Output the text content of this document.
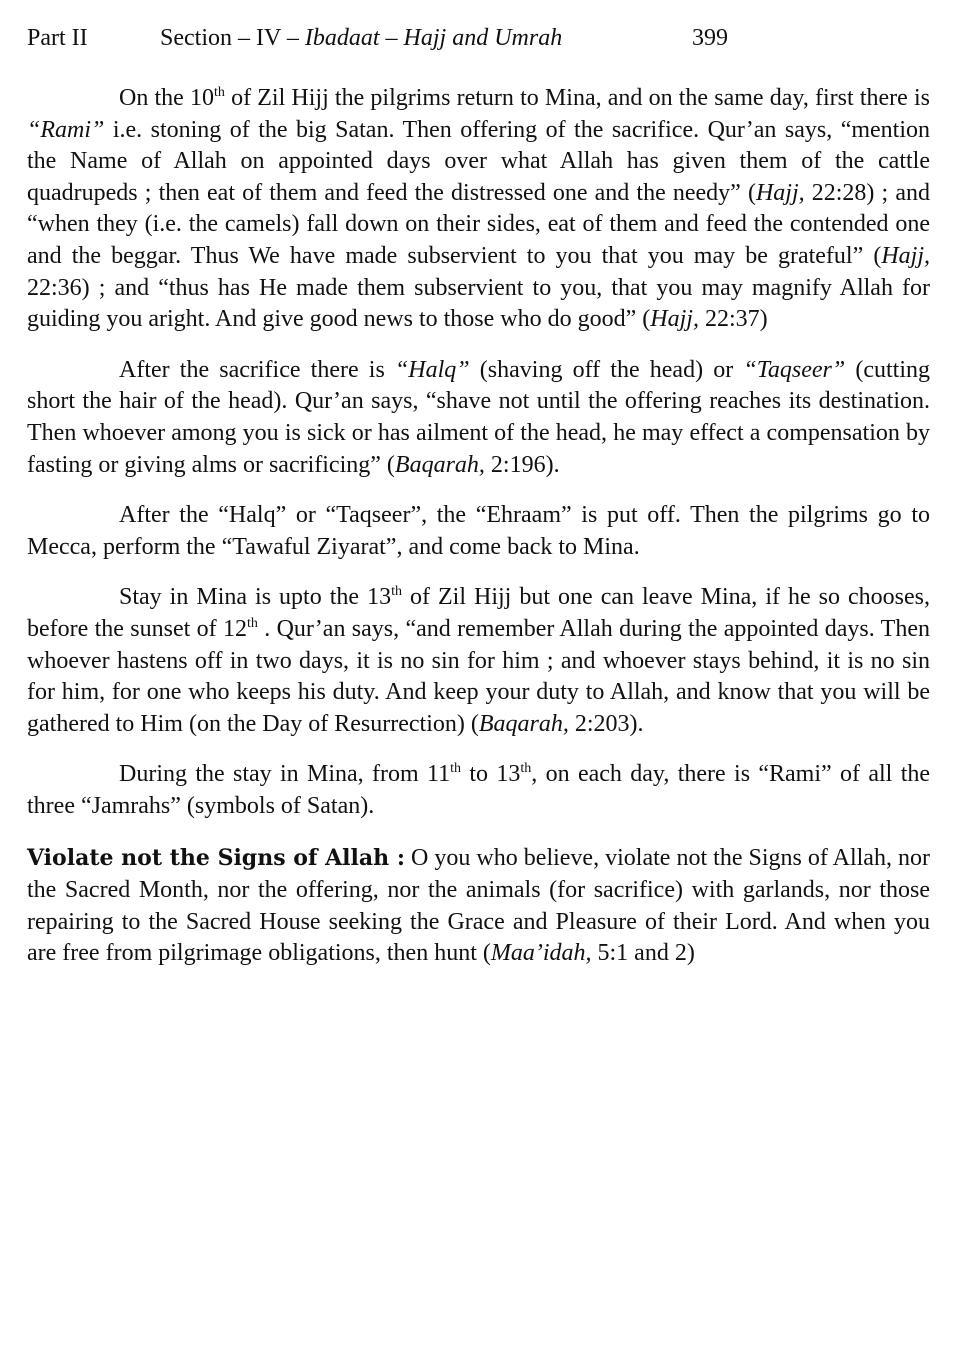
Part II	Section – IV – Ibadaat – Hajj and Umrah	399

On the 10th of Zil Hijj the pilgrims return to Mina, and on the same day, first there is “Rami” i.e. stoning of the big Satan. Then offering of the sacrifice. Qur’an says, “mention the Name of Allah on appointed days over what Allah has given them of the cattle quadrupeds ; then eat of them and feed the distressed one and the needy” (Hajj, 22:28) ; and “when they (i.e. the camels) fall down on their sides, eat of them and feed the contended one and the beggar. Thus We have made subservient to you that you may be grateful” (Hajj, 22:36) ; and “thus has He made them subservient to you, that you may magnify Allah for guiding you aright. And give good news to those who do good” (Hajj, 22:37)

After the sacrifice there is “Halq” (shaving off the head) or “Taqseer” (cutting short the hair of the head). Qur’an says, “shave not until the offering reaches its destination. Then whoever among you is sick or has ailment of the head, he may effect a compensation by fasting or giving alms or sacrificing” (Baqarah, 2:196).

After the “Halq” or “Taqseer”, the “Ehraam” is put off. Then the pilgrims go to Mecca, perform the “Tawaful Ziyarat”, and come back to Mina.

Stay in Mina is upto the 13th of Zil Hijj but one can leave Mina, if he so chooses, before the sunset of 12th . Qur’an says, “and remember Allah during the appointed days. Then whoever hastens off in two days, it is no sin for him ; and whoever stays behind, it is no sin for him, for one who keeps his duty. And keep your duty to Allah, and know that you will be gathered to Him (on the Day of Resurrection) (Baqarah, 2:203).

During the stay in Mina, from 11th to 13th, on each day, there is “Rami” of all the three “Jamrahs” (symbols of Satan).

Violate not the Signs of Allah : O you who believe, violate not the Signs of Allah, nor the Sacred Month, nor the offering, nor the animals (for sacrifice) with garlands, nor those repairing to the Sacred House seeking the Grace and Pleasure of their Lord. And when you are free from pilgrimage obligations, then hunt (Maa’idah, 5:1 and 2)
